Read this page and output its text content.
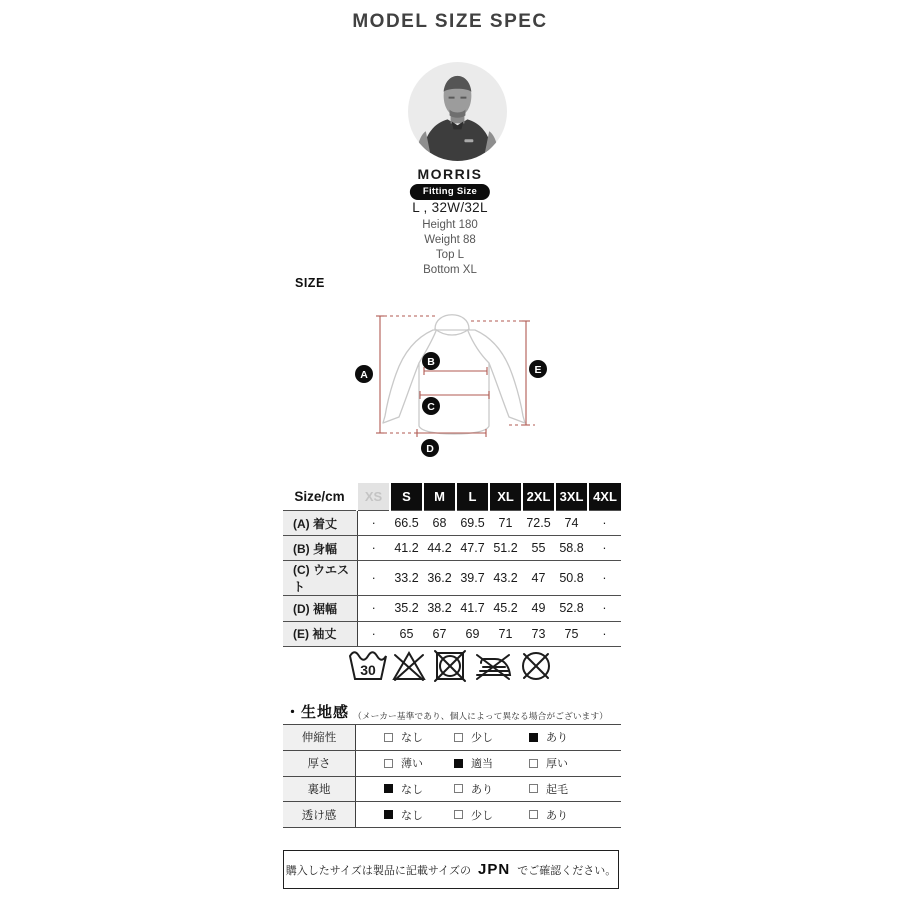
MODEL SIZE SPEC
MORRIS
Fitting Size
L , 32W/32L
Height 180
Weight 88
Top L
Bottom XL
SIZE
A
B
C
D
E
Size/cm	XS	S	M	L	XL	2XL	3XL	4XL
(A) 着丈	·	66.5	68	69.5	71	72.5	74	·
(B) 身幅	·	41.2	44.2	47.7	51.2	55	58.8	·
(C) ウエスト	·	33.2	36.2	39.7	43.2	47	50.8	·
(D) 裾幅	·	35.2	38.2	41.7	45.2	49	52.8	·
(E) 袖丈	·	65	67	69	71	73	75	·
30
・生地感 （メーカー基準であり、個人によって異なる場合がございます）
伸縮性	なし	少し	あり
厚さ	薄い	適当	厚い
裏地	なし	あり	起毛
透け感	なし	少し	あり
購入したサイズは製品に記載サイズの JPN でご確認ください。
